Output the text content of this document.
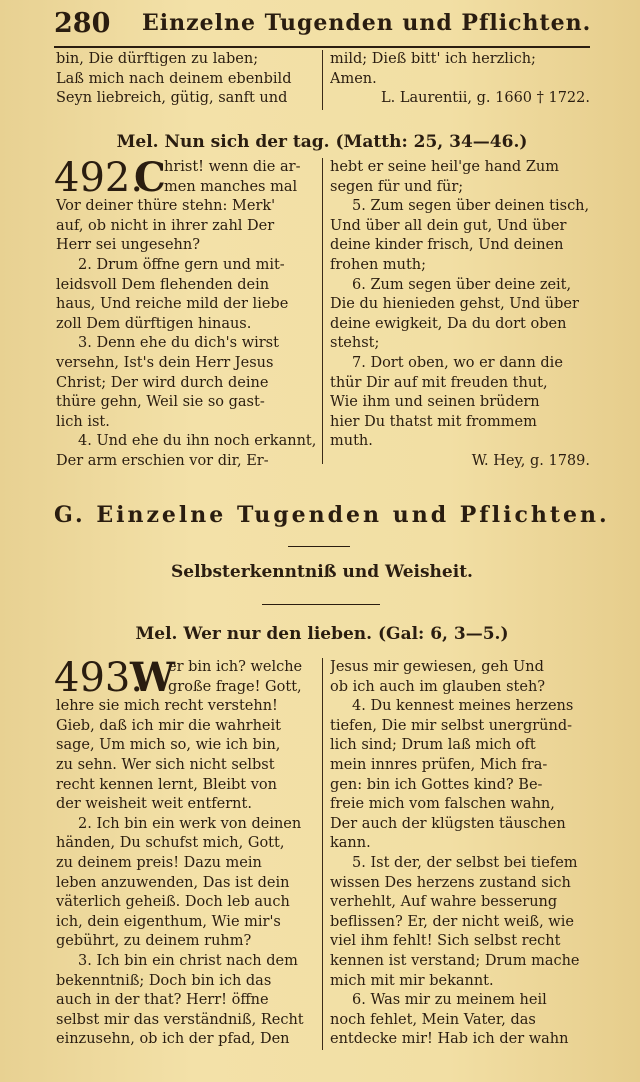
280 Einzelne Tugenden und Pflichten.
bin, Die dürftigen zu laben;
Laß mich nach deinem ebenbild
Seyn liebreich, gütig, sanft und
mild; Dieß bitt' ich herzlich;
Amen.
L. Laurentii, g. 1660 † 1722.
Mel. Nun sich der tag. (Matth: 25, 34—46.)
492.
C
hrist! wenn die ar-
men manches mal
Vor deiner thüre stehn: Merk'
auf, ob nicht in ihrer zahl Der
Herr sei ungesehn?
2. Drum öffne gern und mit-
leidsvoll Dem flehenden dein
haus, Und reiche mild der liebe
zoll Dem dürftigen hinaus.
3. Denn ehe du dich's wirst
versehn, Ist's dein Herr Jesus
Christ; Der wird durch deine
thüre gehn, Weil sie so gast-
lich ist.
4. Und ehe du ihn noch erkannt,
Der arm erschien vor dir, Er-
hebt er seine heil'ge hand Zum
segen für und für;
5. Zum segen über deinen tisch,
Und über all dein gut, Und über
deine kinder frisch, Und deinen
frohen muth;
6. Zum segen über deine zeit,
Die du hienieden gehst, Und über
deine ewigkeit, Da du dort oben
stehst;
7. Dort oben, wo er dann die
thür Dir auf mit freuden thut,
Wie ihm und seinen brüdern
hier Du thatst mit frommem
muth.
W. Hey, g. 1789.
G. Einzelne Tugenden und Pflichten.
Selbsterkenntniß und Weisheit.
Mel. Wer nur den lieben. (Gal: 6, 3—5.)
493.
W
er bin ich? welche
große frage! Gott,
lehre sie mich recht verstehn!
Gieb, daß ich mir die wahrheit
sage, Um mich so, wie ich bin,
zu sehn. Wer sich nicht selbst
recht kennen lernt, Bleibt von
der weisheit weit entfernt.
2. Ich bin ein werk von deinen
händen, Du schufst mich, Gott,
zu deinem preis! Dazu mein
leben anzuwenden, Das ist dein
väterlich geheiß. Doch leb auch
ich, dein eigenthum, Wie mir's
gebührt, zu deinem ruhm?
3. Ich bin ein christ nach dem
bekenntniß; Doch bin ich das
auch in der that? Herr! öffne
selbst mir das verständniß, Recht
einzusehn, ob ich der pfad, Den
Jesus mir gewiesen, geh Und
ob ich auch im glauben steh?
4. Du kennest meines herzens
tiefen, Die mir selbst unergründ-
lich sind; Drum laß mich oft
mein innres prüfen, Mich fra-
gen: bin ich Gottes kind? Be-
freie mich vom falschen wahn,
Der auch der klügsten täuschen
kann.
5. Ist der, der selbst bei tiefem
wissen Des herzens zustand sich
verhehlt, Auf wahre besserung
beflissen? Er, der nicht weiß, wie
viel ihm fehlt! Sich selbst recht
kennen ist verstand; Drum mache
mich mit mir bekannt.
6. Was mir zu meinem heil
noch fehlet, Mein Vater, das
entdecke mir! Hab ich der wahn
